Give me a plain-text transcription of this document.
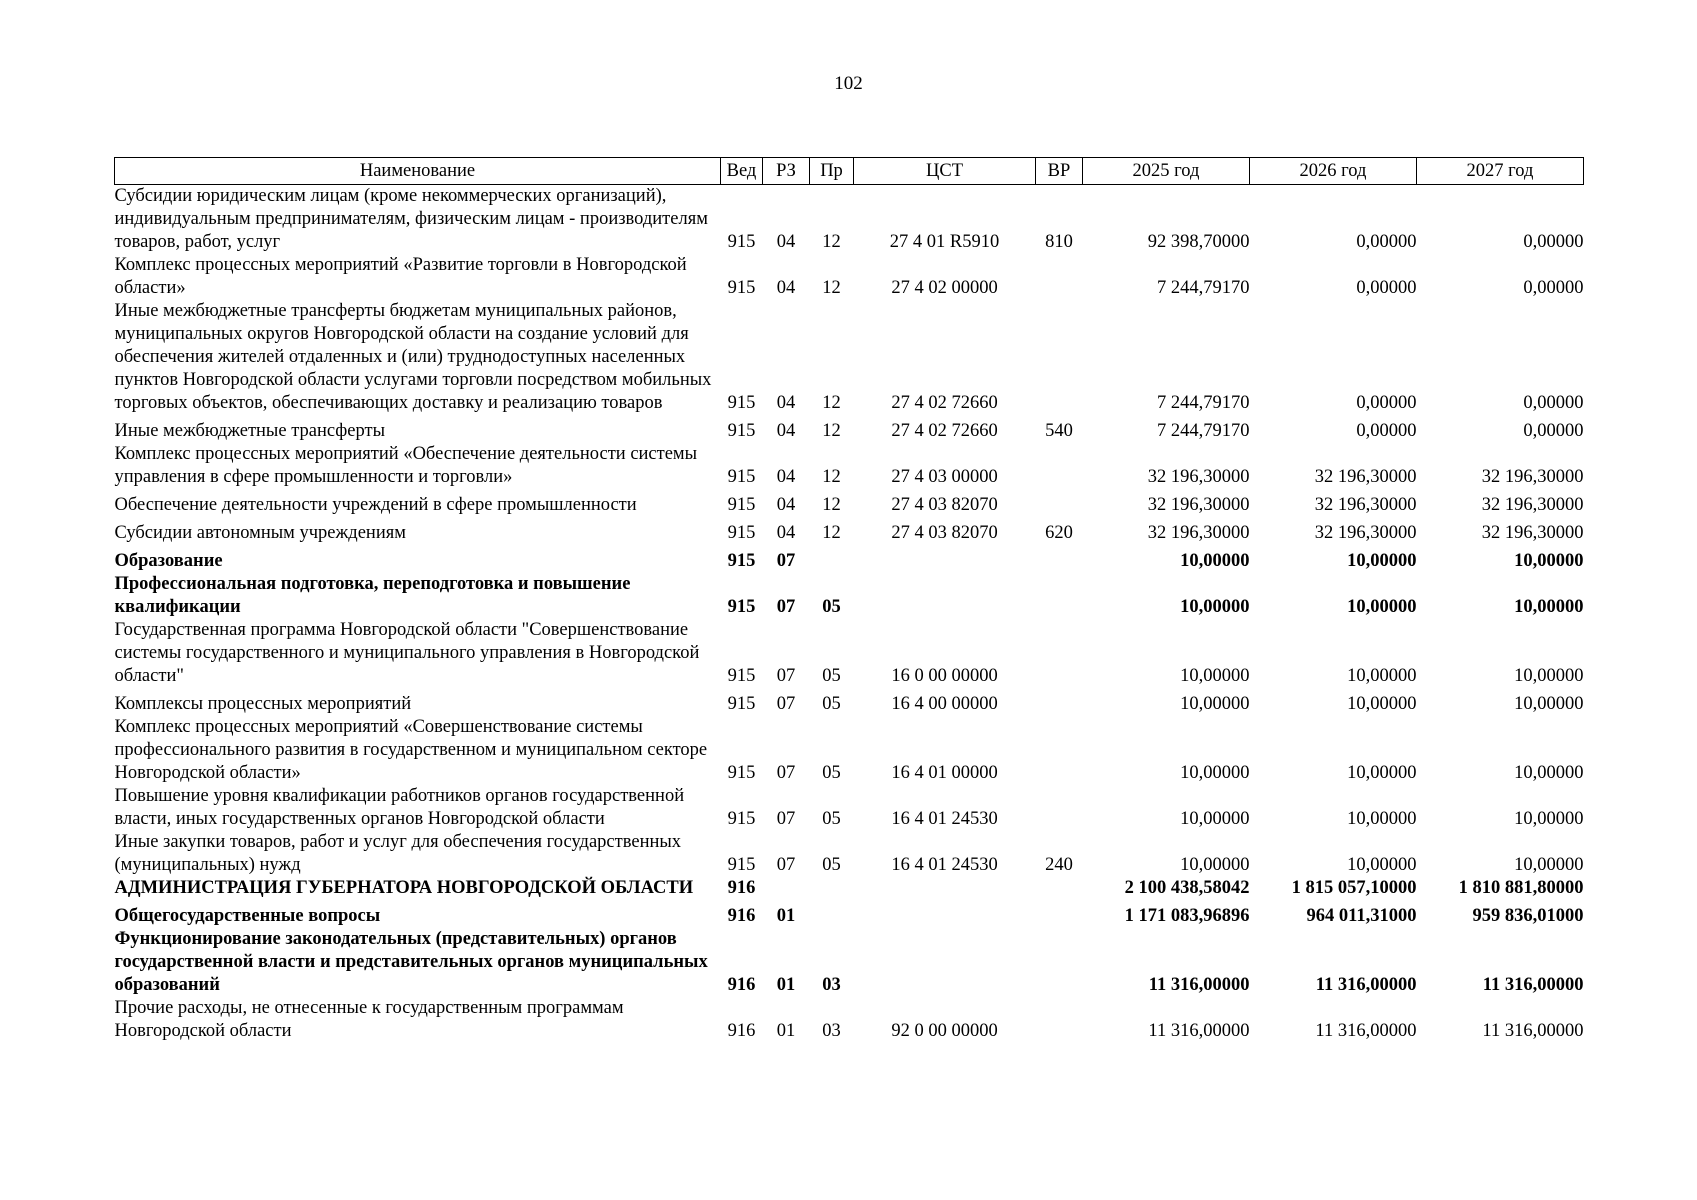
102
Наименование	Вед	РЗ	Пр	ЦСТ	ВР	2025 год	2026 год	2027 год
Субсидии юридическим лицам (кроме некоммерческих организаций), индивидуальным предпринимателям, физическим лицам - производителям товаров, работ, услуг	915	04	12	27 4 01 R5910	810	92 398,70000	0,00000	0,00000
Комплекс процессных мероприятий «Развитие торговли в Новгородской области»	915	04	12	27 4 02 00000		7 244,79170	0,00000	0,00000
Иные межбюджетные трансферты бюджетам муниципальных районов, муниципальных округов Новгородской области на создание условий для обеспечения жителей отдаленных и (или) труднодоступных населенных пунктов Новгородской области услугами торговли посредством мобильных торговых объектов, обеспечивающих доставку и реализацию товаров	915	04	12	27 4 02 72660		7 244,79170	0,00000	0,00000
Иные межбюджетные трансферты	915	04	12	27 4 02 72660	540	7 244,79170	0,00000	0,00000
Комплекс процессных мероприятий «Обеспечение деятельности системы управления в сфере промышленности и торговли»	915	04	12	27 4 03 00000		32 196,30000	32 196,30000	32 196,30000
Обеспечение деятельности учреждений в сфере промышленности	915	04	12	27 4 03 82070		32 196,30000	32 196,30000	32 196,30000
Субсидии автономным учреждениям	915	04	12	27 4 03 82070	620	32 196,30000	32 196,30000	32 196,30000
Образование	915	07				10,00000	10,00000	10,00000
Профессиональная подготовка, переподготовка и повышение квалификации	915	07	05			10,00000	10,00000	10,00000
Государственная программа Новгородской области "Совершенствование системы государственного и муниципального управления в Новгородской области"	915	07	05	16 0 00 00000		10,00000	10,00000	10,00000
Комплексы процессных мероприятий	915	07	05	16 4 00 00000		10,00000	10,00000	10,00000
Комплекс процессных мероприятий «Совершенствование системы профессионального развития в государственном и муниципальном секторе Новгородской области»	915	07	05	16 4 01 00000		10,00000	10,00000	10,00000
Повышение уровня квалификации работников органов государственной власти, иных государственных органов Новгородской области	915	07	05	16 4 01 24530		10,00000	10,00000	10,00000
Иные закупки товаров, работ и услуг для обеспечения государственных (муниципальных) нужд	915	07	05	16 4 01 24530	240	10,00000	10,00000	10,00000
АДМИНИСТРАЦИЯ ГУБЕРНАТОРА НОВГОРОДСКОЙ ОБЛАСТИ	916					2 100 438,58042	1 815 057,10000	1 810 881,80000
Общегосударственные вопросы	916	01				1 171 083,96896	964 011,31000	959 836,01000
Функционирование законодательных (представительных) органов государственной власти и представительных органов муниципальных образований	916	01	03			11 316,00000	11 316,00000	11 316,00000
Прочие расходы, не отнесенные к государственным программам Новгородской области	916	01	03	92 0 00 00000		11 316,00000	11 316,00000	11 316,00000
